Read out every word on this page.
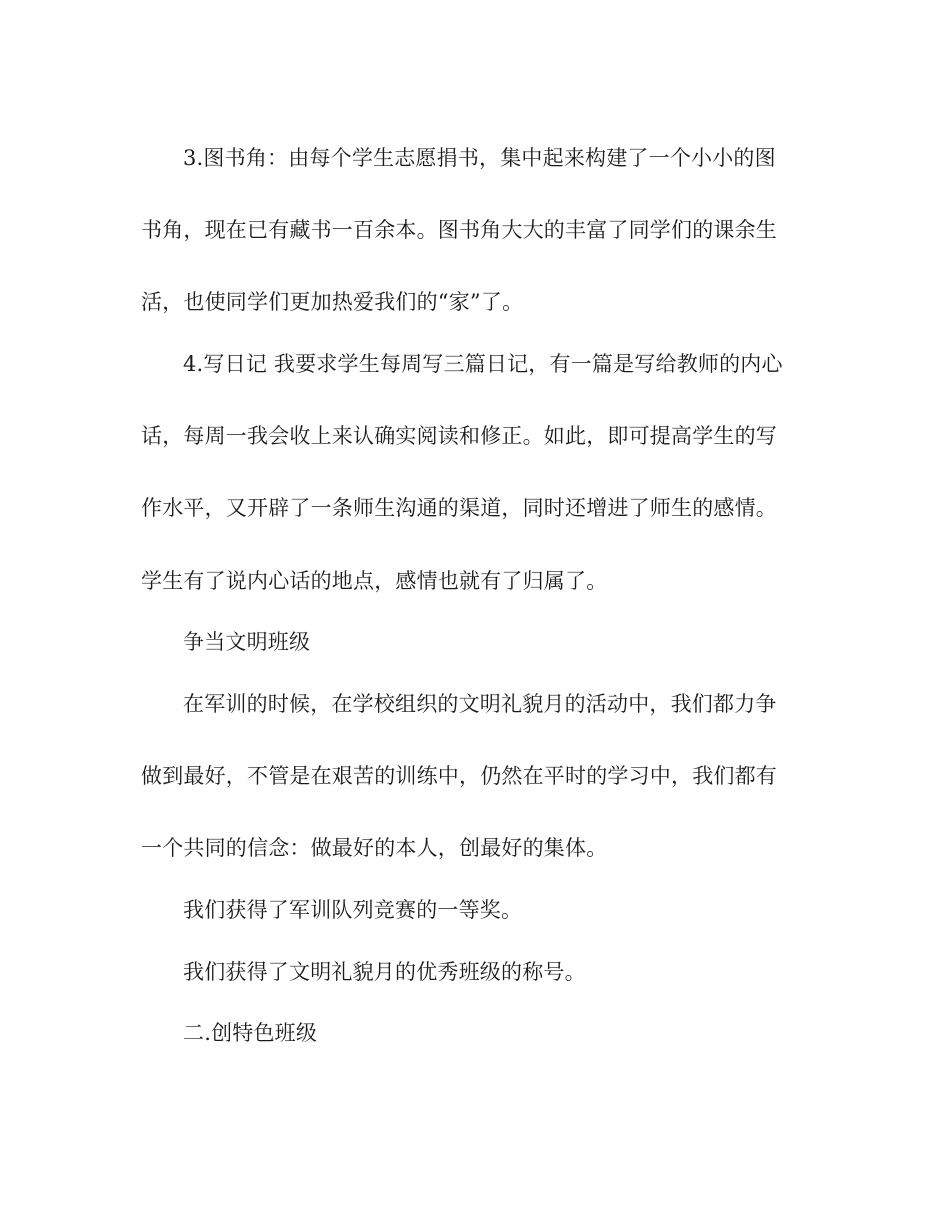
3.图书角：由每个学生志愿捐书，集中起来构建了一个小小的图
书角，现在已有藏书一百余本。图书角大大的丰富了同学们的课余生
活，也使同学们更加热爱我们的“家”了。
4.写日记 我要求学生每周写三篇日记，有一篇是写给教师的内心
话，每周一我会收上来认确实阅读和修正。如此，即可提高学生的写
作水平，又开辟了一条师生沟通的渠道，同时还增进了师生的感情。
学生有了说内心话的地点，感情也就有了归属了。
争当文明班级
在军训的时候，在学校组织的文明礼貌月的活动中，我们都力争
做到最好，不管是在艰苦的训练中，仍然在平时的学习中，我们都有
一个共同的信念：做最好的本人，创最好的集体。
我们获得了军训队列竞赛的一等奖。
我们获得了文明礼貌月的优秀班级的称号。
二.创特色班级
